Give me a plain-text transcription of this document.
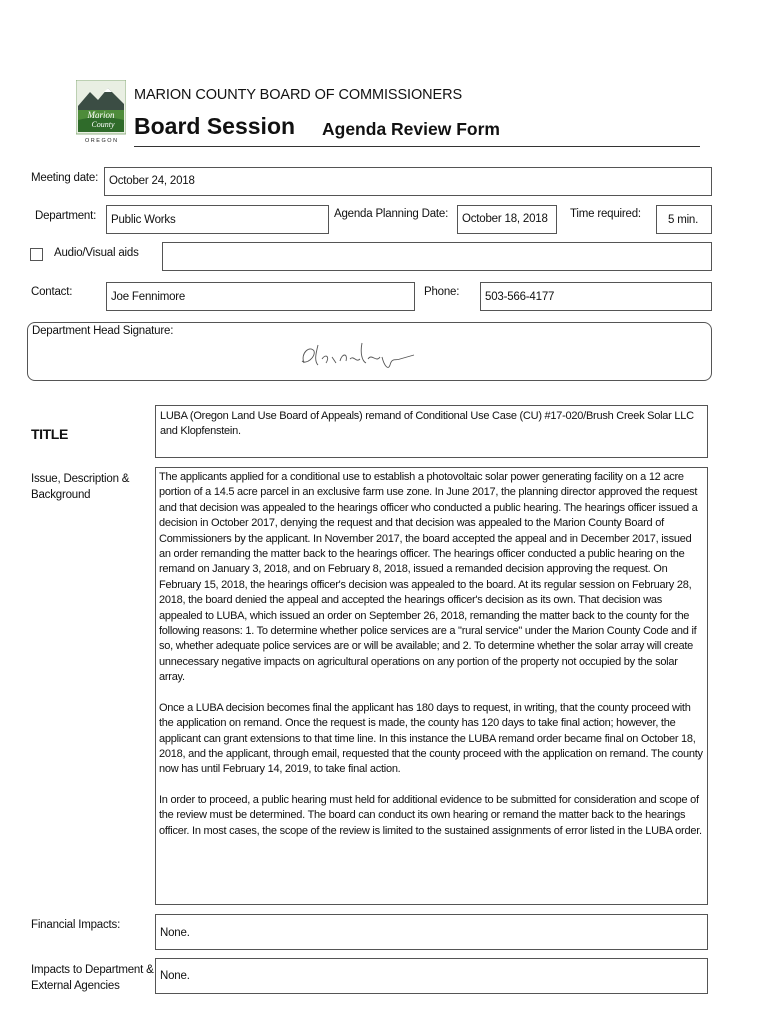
Marion
County
O R E G O N
MARION COUNTY BOARD OF COMMISSIONERS
Board Session Agenda Review Form
Meeting date: October 24, 2018
Department: Public Works	Agenda Planning Date: October 18, 2018 Time required: 5 min.
Audio/Visual aids
Contact:	Joe Fennimore	Phone: 503-566-4177
Department Head Signature:
TITLE

LUBA (Oregon Land Use Board of Appeals) remand of Conditional Use Case (CU) #17-020/Brush Creek Solar LLC and Klopfenstein.

Issue, Description & Background

The applicants applied for a conditional use to establish a photovoltaic solar power generating facility on a 12 acre portion of a 14.5 acre parcel in an exclusive farm use zone. In June 2017, the planning director approved the request and that decision was appealed to the hearings officer who conducted a public hearing. The hearings officer issued a decision in October 2017, denying the request and that decision was appealed to the Marion County Board of Commissioners by the applicant. In November 2017, the board accepted the appeal and in December 2017, issued an order remanding the matter back to the hearings officer. The hearings officer conducted a public hearing on the remand on January 3, 2018, and on February 8, 2018, issued a remanded decision approving the request. On February 15, 2018, the hearings officer's decision was appealed to the board. At its regular session on February 28, 2018, the board denied the appeal and accepted the hearings officer's decision as its own. That decision was appealed to LUBA, which issued an order on September 26, 2018, remanding the matter back to the county for the following reasons: 1. To determine whether police services are a "rural service" under the Marion County Code and if so, whether adequate police services are or will be available; and 2. To determine whether the solar array will create unnecessary negative impacts on agricultural operations on any portion of the property not occupied by the solar array.

Once a LUBA decision becomes final the applicant has 180 days to request, in writing, that the county proceed with the application on remand. Once the request is made, the county has 120 days to take final action; however, the applicant can grant extensions to that time line. In this instance the LUBA remand order became final on October 18, 2018, and the applicant, through email, requested that the county proceed with the application on remand. The county now has until February 14, 2019, to take final action.

In order to proceed, a public hearing must held for additional evidence to be submitted for consideration and scope of the review must be determined. The board can conduct its own hearing or remand the matter back to the hearings officer. In most cases, the scope of the review is limited to the sustained assignments of error listed in the LUBA order.

Financial Impacts:
None.
Impacts to Department & External Agencies
None.
